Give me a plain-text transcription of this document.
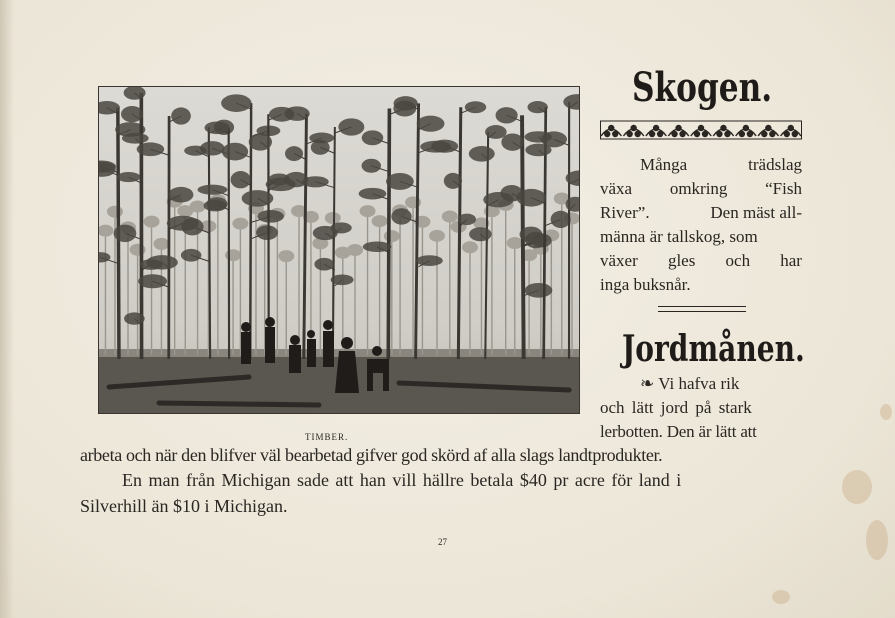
TIMBER.
Skogen.
Många	trädslag
växa omkring “Fish
River”.	Den mäst all-
männa är tallskog, som
växer gles och har
inga buksnår.
Jordmånen.
❧ Vi hafva rik
och lätt jord på stark
lerbotten. Den är lätt att
arbeta och när den blifver väl bearbetad gifver god skörd af alla slags landtprodukter.
En man från Michigan sade att han vill hällre betala $40 pr acre för land i
Silverhill än $10 i Michigan.
27
